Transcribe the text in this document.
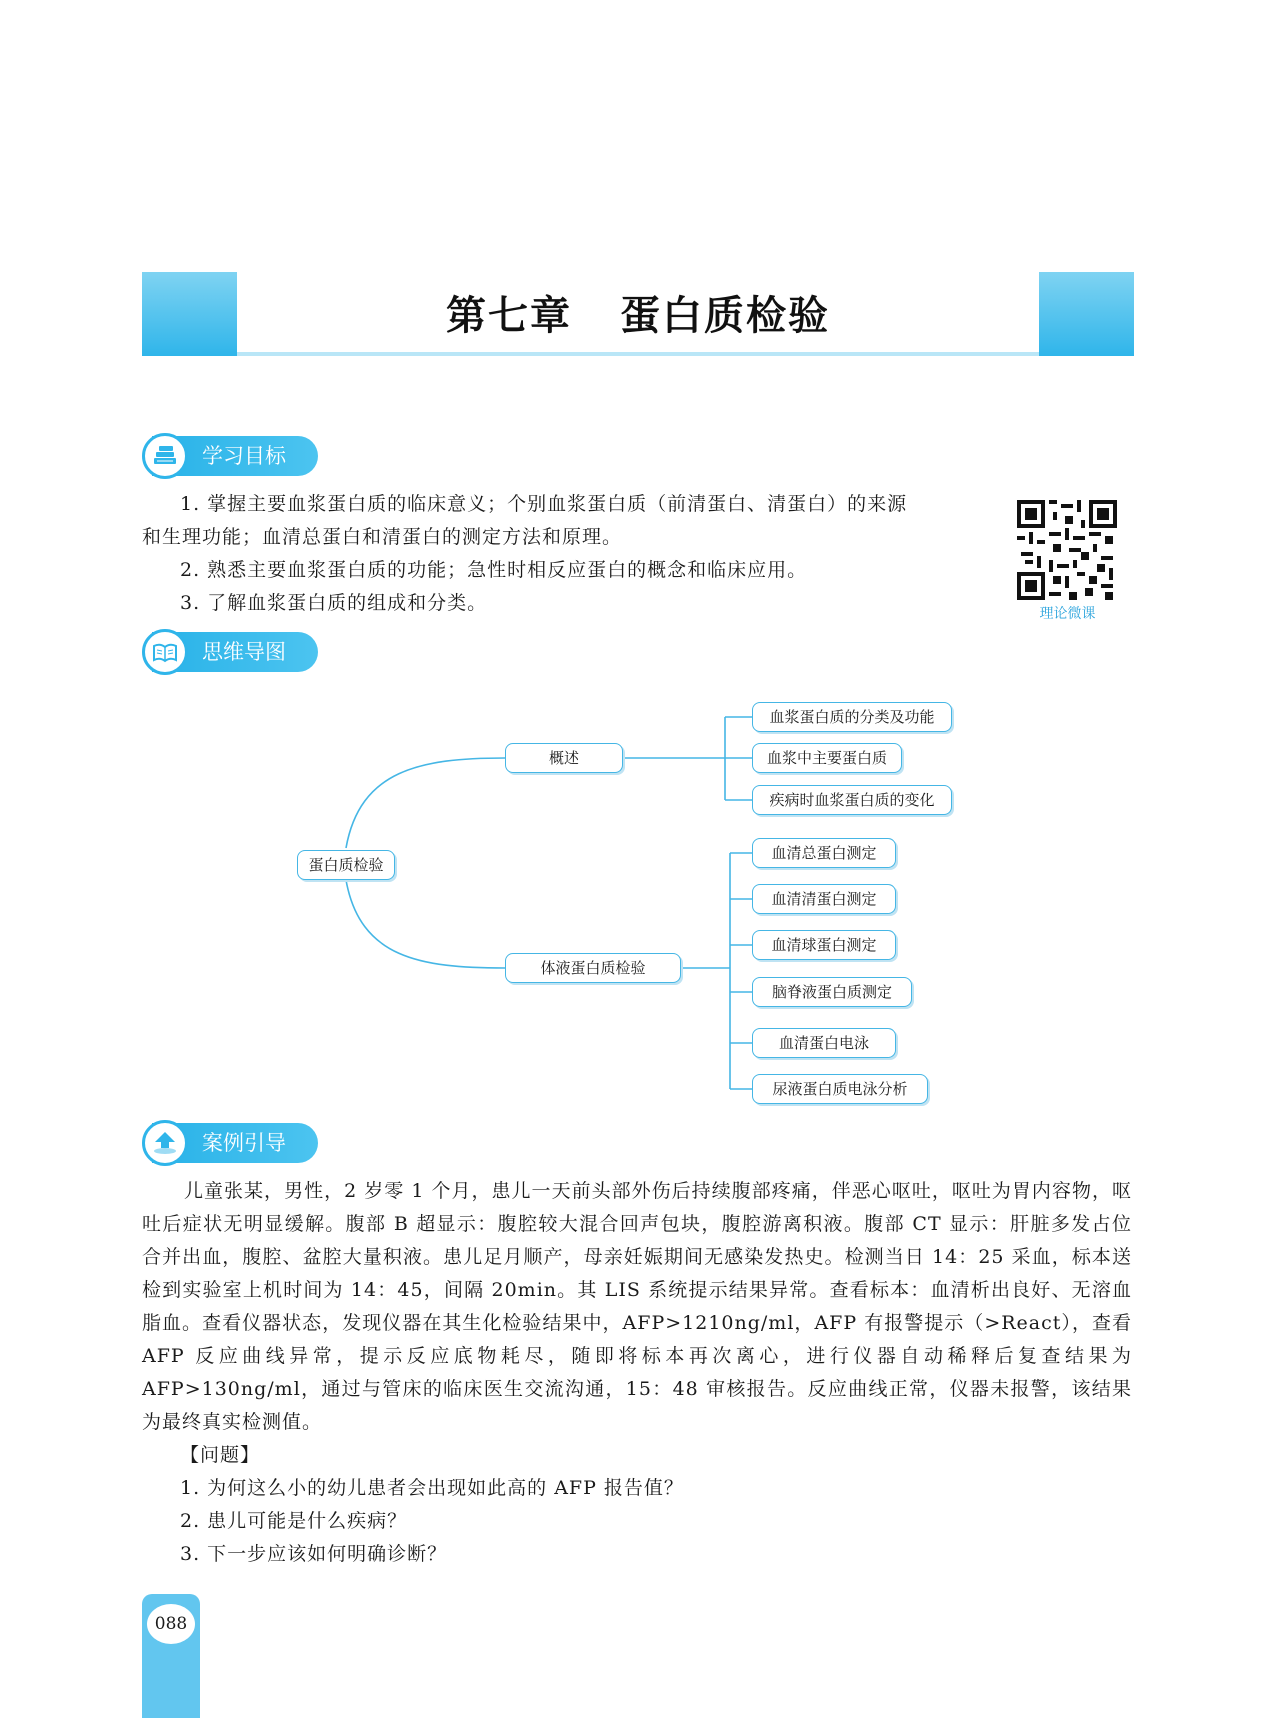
第七章 蛋白质检验
学习目标
1. 掌握主要血浆蛋白质的临床意义；个别血浆蛋白质（前清蛋白、清蛋白）的来源
和生理功能；血清总蛋白和清蛋白的测定方法和原理。
2. 熟悉主要血浆蛋白质的功能；急性时相反应蛋白的概念和临床应用。
3. 了解血浆蛋白质的组成和分类。	理论微课
思维导图
蛋白质检验
概述
体液蛋白质检验
血浆蛋白质的分类及功能
血浆中主要蛋白质
疾病时血浆蛋白质的变化
血清总蛋白测定
血清清蛋白测定
血清球蛋白测定
脑脊液蛋白质测定
血清蛋白电泳
尿液蛋白质电泳分析
案例引导
儿童张某，男性，2 岁零 1 个月，患儿一天前头部外伤后持续腹部疼痛，伴恶心呕吐，呕吐为胃内容物，呕吐后症状无明显缓解。腹部 B 超显示：腹腔较大混合回声包块，腹腔游离积液。腹部 CT 显示：肝脏多发占位合并出血，腹腔、盆腔大量积液。患儿足月顺产，母亲妊娠期间无感染发热史。检测当日 14：25 采血，标本送检到实验室上机时间为 14：45，间隔 20min。其 LIS 系统提示结果异常。查看标本：血清析出良好、无溶血脂血。查看仪器状态，发现仪器在其生化检验结果中，AFP>1210ng/ml，AFP 有报警提示（>React），查看 AFP 反应曲线异常，提示反应底物耗尽，随即将标本再次离心，进行仪器自动稀释后复查结果为 AFP>130ng/ml，通过与管床的临床医生交流沟通，15：48 审核报告。反应曲线正常，仪器未报警，该结果为最终真实检测值。
【问题】
1. 为何这么小的幼儿患者会出现如此高的 AFP 报告值？
2. 患儿可能是什么疾病？
3. 下一步应该如何明确诊断？
088
